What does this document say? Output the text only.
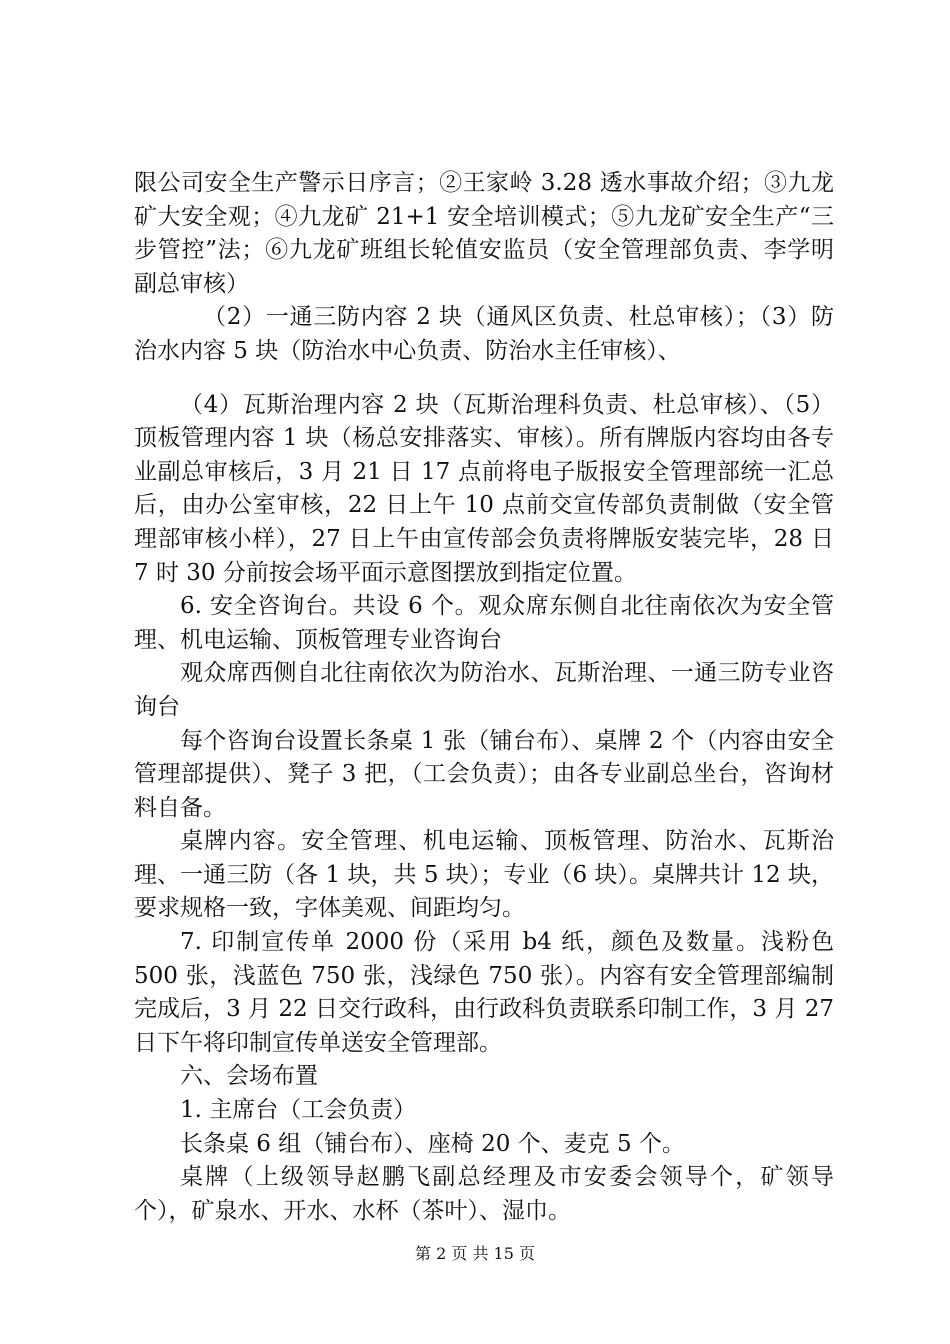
限公司安全生产警示日序言；②王家岭 3.28 透水事故介绍；③九龙矿大安全观；④九龙矿 21+1 安全培训模式；⑤九龙矿安全生产“三步管控”法；⑥九龙矿班组长轮值安监员（安全管理部负责、李学明副总审核）

（2）一通三防内容 2 块（通风区负责、杜总审核）；（3）防治水内容 5 块（防治水中心负责、防治水主任审核）、

（4）瓦斯治理内容 2 块（瓦斯治理科负责、杜总审核）、（5）顶板管理内容 1 块（杨总安排落实、审核）。所有牌版内容均由各专业副总审核后，3 月 21 日 17 点前将电子版报安全管理部统一汇总后，由办公室审核，22 日上午 10 点前交宣传部负责制做（安全管理部审核小样），27 日上午由宣传部会负责将牌版安装完毕，28 日 7 时 30 分前按会场平面示意图摆放到指定位置。

6. 安全咨询台。共设 6 个。观众席东侧自北往南依次为安全管理、机电运输、顶板管理专业咨询台

观众席西侧自北往南依次为防治水、瓦斯治理、一通三防专业咨询台

每个咨询台设置长条桌 1 张（铺台布）、桌牌 2 个（内容由安全管理部提供）、凳子 3 把，（工会负责）；由各专业副总坐台，咨询材料自备。

桌牌内容。安全管理、机电运输、顶板管理、防治水、瓦斯治理、一通三防（各 1 块，共 5 块）；专业（6 块）。桌牌共计 12 块，要求规格一致，字体美观、间距均匀。

7. 印制宣传单 2000 份（采用 b4 纸，颜色及数量。浅粉色 500 张，浅蓝色 750 张，浅绿色 750 张）。内容有安全管理部编制完成后，3 月 22 日交行政科，由行政科负责联系印制工作，3 月 27 日下午将印制宣传单送安全管理部。

六、会场布置

1. 主席台（工会负责）

长条桌 6 组（铺台布）、座椅 20 个、麦克 5 个。

桌牌（上级领导赵鹏飞副总经理及市安委会领导个，矿领导个），矿泉水、开水、水杯（茶叶）、湿巾。

第 2 页 共 15 页
